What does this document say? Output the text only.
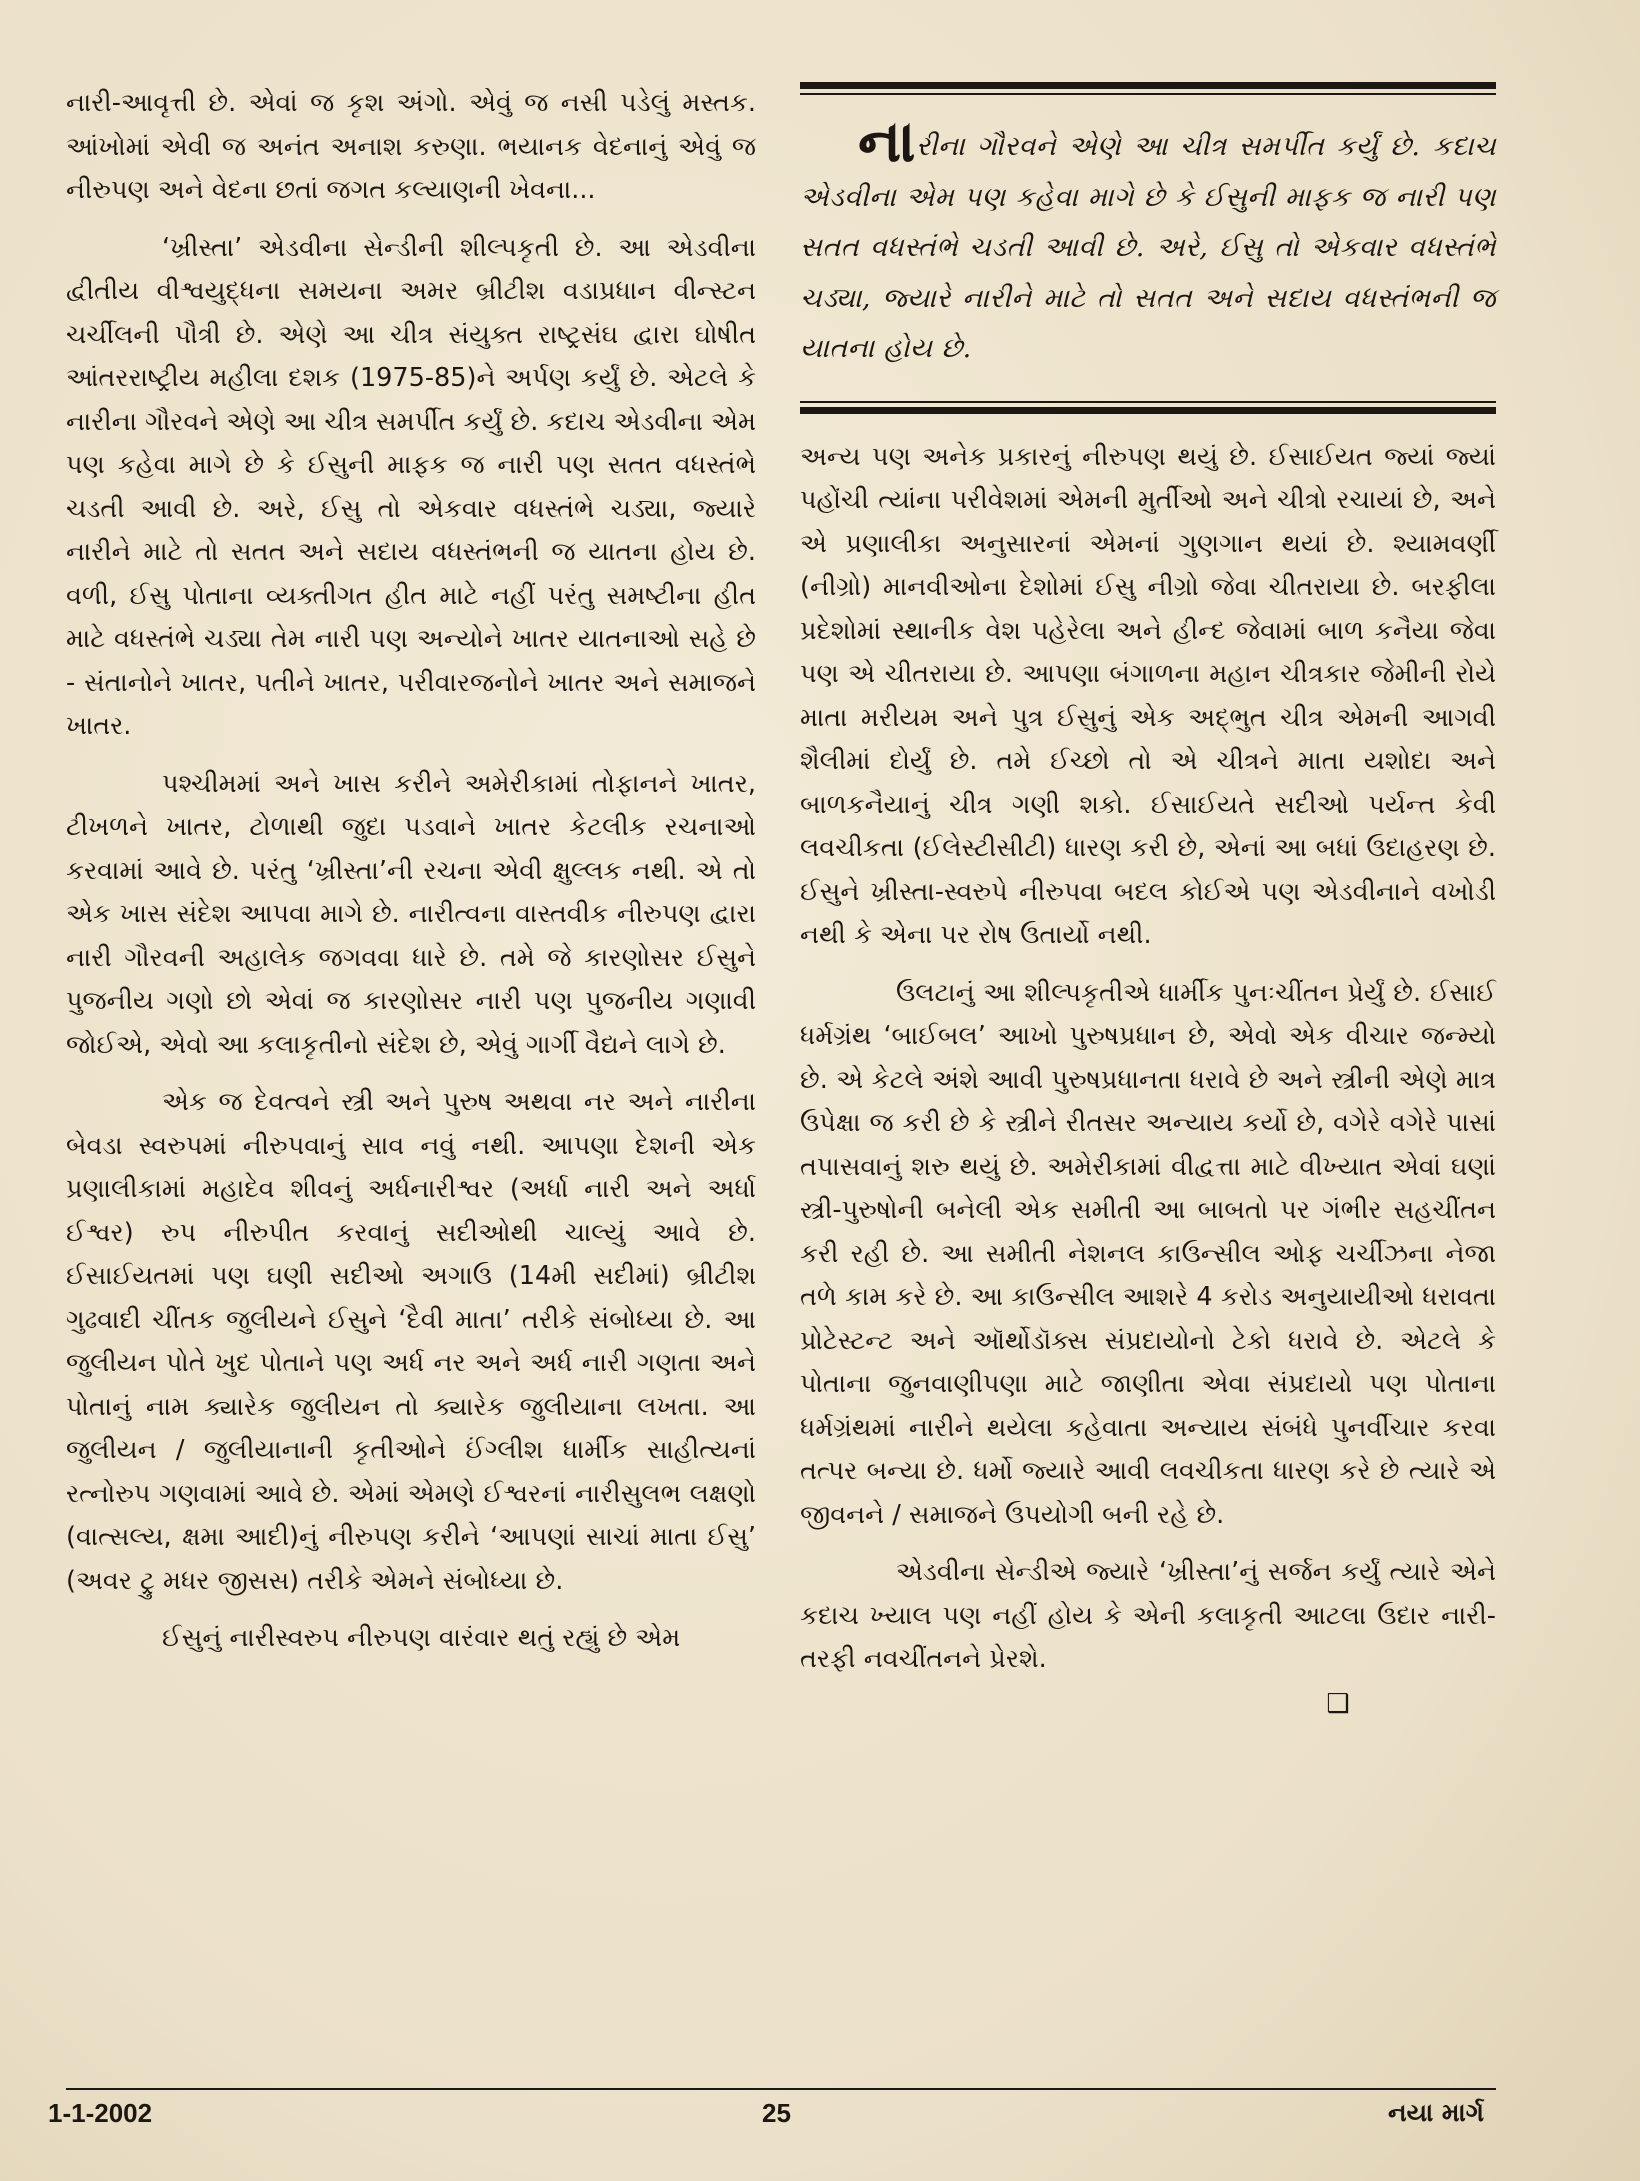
નારી-આવૃત્તી છે. એવાં જ કૃશ અંગો. એવું જ નસી પડેલું મસ્તક. આંખોમાં એવી જ અનંત અનાશ કરુણા. ભયાનક વેદનાનું એવું જ નીરુપણ અને વેદના છતાં જગત કલ્યાણની ખેવના...

‘ખ્રીસ્તા’ એડવીના સેન્ડીની શીલ્પકૃતી છે. આ એડવીના દ્વીતીય વીશ્વયુદ્ધના સમયના અમર બ્રીટીશ વડાપ્રધાન વીન્સ્ટન ચર્ચીલની પૌત્રી છે. એણે આ ચીત્ર સંયુક્ત રાષ્ટ્રસંઘ દ્વારા ઘોષીત આંતરરાષ્ટ્રીય મહીલા દશક (1975-85)ને અર્પણ કર્યું છે. એટલે કે નારીના ગૌરવને એણે આ ચીત્ર સમર્પીત કર્યું છે. કદાચ એડવીના એમ પણ કહેવા માગે છે કે ઈસુની માફક જ નારી પણ સતત વધસ્તંભે ચડતી આવી છે. અરે, ઈસુ તો એકવાર વધસ્તંભે ચડ્યા, જ્યારે નારીને માટે તો સતત અને સદાય વધસ્તંભની જ યાતના હોય છે. વળી, ઈસુ પોતાના વ્યક્તીગત હીત માટે નહીં પરંતુ સમષ્ટીના હીત માટે વધસ્તંભે ચડ્યા તેમ નારી પણ અન્યોને ખાતર યાતનાઓ સહે છે - સંતાનોને ખાતર, પતીને ખાતર, પરીવારજનોને ખાતર અને સમાજને ખાતર.

પશ્ચીમમાં અને ખાસ કરીને અમેરીકામાં તોફાનને ખાતર, ટીખળને ખાતર, ટોળાથી જુદા પડવાને ખાતર કેટલીક રચનાઓ કરવામાં આવે છે. પરંતુ ‘ખ્રીસ્તા’ની રચના એવી ક્ષુલ્લક નથી. એ તો એક ખાસ સંદેશ આપવા માગે છે. નારીત્વના વાસ્તવીક નીરુપણ દ્વારા નારી ગૌરવની અહાલેક જગવવા ધારે છે. તમે જે કારણોસર ઈસુને પુજનીય ગણો છો એવાં જ કારણોસર નારી પણ પુજનીય ગણાવી જોઈએ, એવો આ કલાકૃતીનો સંદેશ છે, એવું ગાર્ગી વૈદ્યને લાગે છે.

એક જ દેવત્વને સ્ત્રી અને પુરુષ અથવા નર અને નારીના બેવડા સ્વરુપમાં નીરુપવાનું સાવ નવું નથી. આપણા દેશની એક પ્રણાલીકામાં મહાદેવ શીવનું અર્ધનારીશ્વર (અર્ધા નારી અને અર્ધા ઈશ્વર) રુપ નીરુપીત કરવાનું સદીઓથી ચાલ્યું આવે છે. ઈસાઈયતમાં પણ ઘણી સદીઓ અગાઉ (14મી સદીમાં) બ્રીટીશ ગુઢવાદી ચીંતક જુલીયને ઈસુને ‘દૈવી માતા’ તરીકે સંબોધ્યા છે. આ જુલીયન પોતે ખુદ પોતાને પણ અર્ધ નર અને અર્ધ નારી ગણતા અને પોતાનું નામ ક્યારેક જુલીયન તો ક્યારેક જુલીયાના લખતા. આ જુલીયન / જુલીયાનાની કૃતીઓને ઈંગ્લીશ ધાર્મીક સાહીત્યનાં રત્નોરુપ ગણવામાં આવે છે. એમાં એમણે ઈશ્વરનાં નારીસુલભ લક્ષણો (વાત્સલ્ય, ક્ષમા આદી)નું નીરુપણ કરીને ‘આપણાં સાચાં માતા ઈસુ’ (અવર ટ્રુ મધર જીસસ) તરીકે એમને સંબોધ્યા છે.

ઈસુનું નારીસ્વરુપ નીરુપણ વારંવાર થતું રહ્યું છે એમ

નારીના ગૌરવને એણે આ ચીત્ર સમર્પીત કર્યું છે. કદાચ એડવીના એમ પણ કહેવા માગે છે કે ઈસુની માફક જ નારી પણ સતત વધસ્તંભે ચડતી આવી છે. અરે, ઈસુ તો એકવાર વધસ્તંભે ચડ્યા, જ્યારે નારીને માટે તો સતત અને સદાય વધસ્તંભની જ યાતના હોય છે.

અન્ય પણ અનેક પ્રકારનું નીરુપણ થયું છે. ઈસાઈયત જ્યાં જ્યાં પહોંચી ત્યાંના પરીવેશમાં એમની મુર્તીઓ અને ચીત્રો રચાયાં છે, અને એ પ્રણાલીકા અનુસારનાં એમનાં ગુણગાન થયાં છે. શ્યામવર્ણી (નીગ્રો) માનવીઓના દેશોમાં ઈસુ નીગ્રો જેવા ચીતરાયા છે. બરફીલા પ્રદેશોમાં સ્થાનીક વેશ પહેરેલા અને હીન્દ જેવામાં બાળ કનૈયા જેવા પણ એ ચીતરાયા છે. આપણા બંગાળના મહાન ચીત્રકાર જેમીની રોયે માતા મરીયમ અને પુત્ર ઈસુનું એક અદ્ભુત ચીત્ર એમની આગવી શૈલીમાં દોર્યું છે. તમે ઈચ્છો તો એ ચીત્રને માતા યશોદા અને બાળકનૈયાનું ચીત્ર ગણી શકો. ઈસાઈયતે સદીઓ પર્યન્ત કેવી લવચીકતા (ઈલેસ્ટીસીટી) ધારણ કરી છે, એનાં આ બધાં ઉદાહરણ છે. ઈસુને ખ્રીસ્તા-સ્વરુપે નીરુપવા બદલ કોઈએ પણ એડવીનાને વખોડી નથી કે એના પર રોષ ઉતાર્યો નથી.

ઉલટાનું આ શીલ્પકૃતીએ ધાર્મીક પુનઃચીંતન પ્રેર્યું છે. ઈસાઈ ધર્મગ્રંથ ‘બાઈબલ’ આખો પુરુષપ્રધાન છે, એવો એક વીચાર જન્મ્યો છે. એ કેટલે અંશે આવી પુરુષપ્રધાનતા ધરાવે છે અને સ્ત્રીની એણે માત્ર ઉપેક્ષા જ કરી છે કે સ્ત્રીને રીતસર અન્યાય કર્યો છે, વગેરે વગેરે પાસાં તપાસવાનું શરુ થયું છે. અમેરીકામાં વીદ્વત્તા માટે વીખ્યાત એવાં ઘણાં સ્ત્રી-પુરુષોની બનેલી એક સમીતી આ બાબતો પર ગંભીર સહચીંતન કરી રહી છે. આ સમીતી નેશનલ કાઉન્સીલ ઓફ ચર્ચીઝના નેજા તળે કામ કરે છે. આ કાઉન્સીલ આશરે 4 કરોડ અનુયાયીઓ ધરાવતા પ્રોટેસ્ટન્ટ અને ઑર્થોડૉક્સ સંપ્રદાયોનો ટેકો ધરાવે છે. એટલે કે પોતાના જુનવાણીપણા માટે જાણીતા એવા સંપ્રદાયો પણ પોતાના ધર્મગ્રંથમાં નારીને થયેલા કહેવાતા અન્યાય સંબંધે પુનર્વીચાર કરવા તત્પર બન્યા છે. ધર્મો જ્યારે આવી લવચીકતા ધારણ કરે છે ત્યારે એ જીવનને / સમાજને ઉપયોગી બની રહે છે.

એડવીના સેન્ડીએ જ્યારે ‘ખ્રીસ્તા’નું સર્જન કર્યું ત્યારે એને કદાચ ખ્યાલ પણ નહીં હોય કે એની કલાકૃતી આટલા ઉદાર નારી-તરફી નવચીંતનને પ્રેરશે.

❑
1-1-2002	25	નયા માર્ગ
